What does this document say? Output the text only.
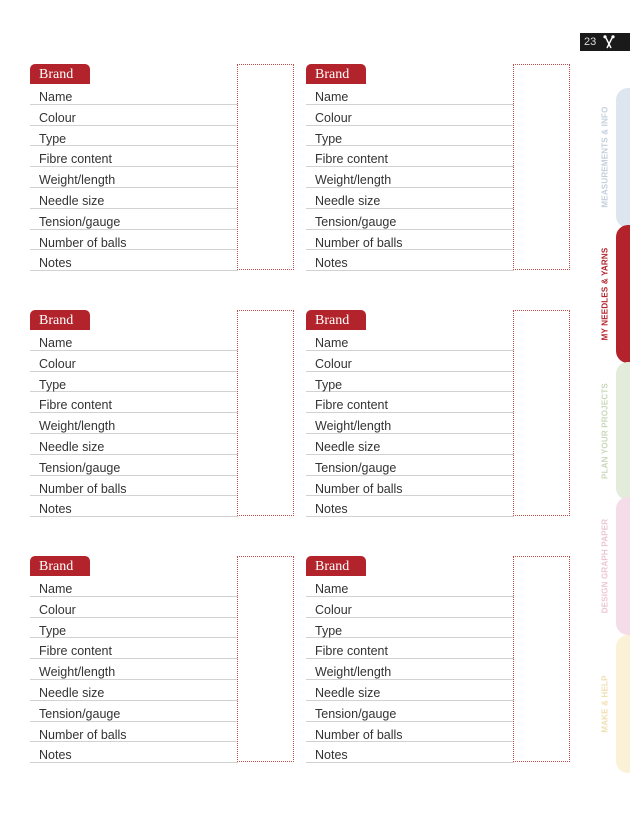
23
Brand
Name
Colour
Type
Fibre content
Weight/length
Needle size
Tension/gauge
Number of balls
Notes
Brand
Name
Colour
Type
Fibre content
Weight/length
Needle size
Tension/gauge
Number of balls
Notes
Brand
Name
Colour
Type
Fibre content
Weight/length
Needle size
Tension/gauge
Number of balls
Notes
Brand
Name
Colour
Type
Fibre content
Weight/length
Needle size
Tension/gauge
Number of balls
Notes
Brand
Name
Colour
Type
Fibre content
Weight/length
Needle size
Tension/gauge
Number of balls
Notes
Brand
Name
Colour
Type
Fibre content
Weight/length
Needle size
Tension/gauge
Number of balls
Notes
MEASUREMENTS & INFO
MY NEEDLES & YARNS
PLAN YOUR PROJECTS
DESIGN GRAPH PAPER
MAKE & HELP
